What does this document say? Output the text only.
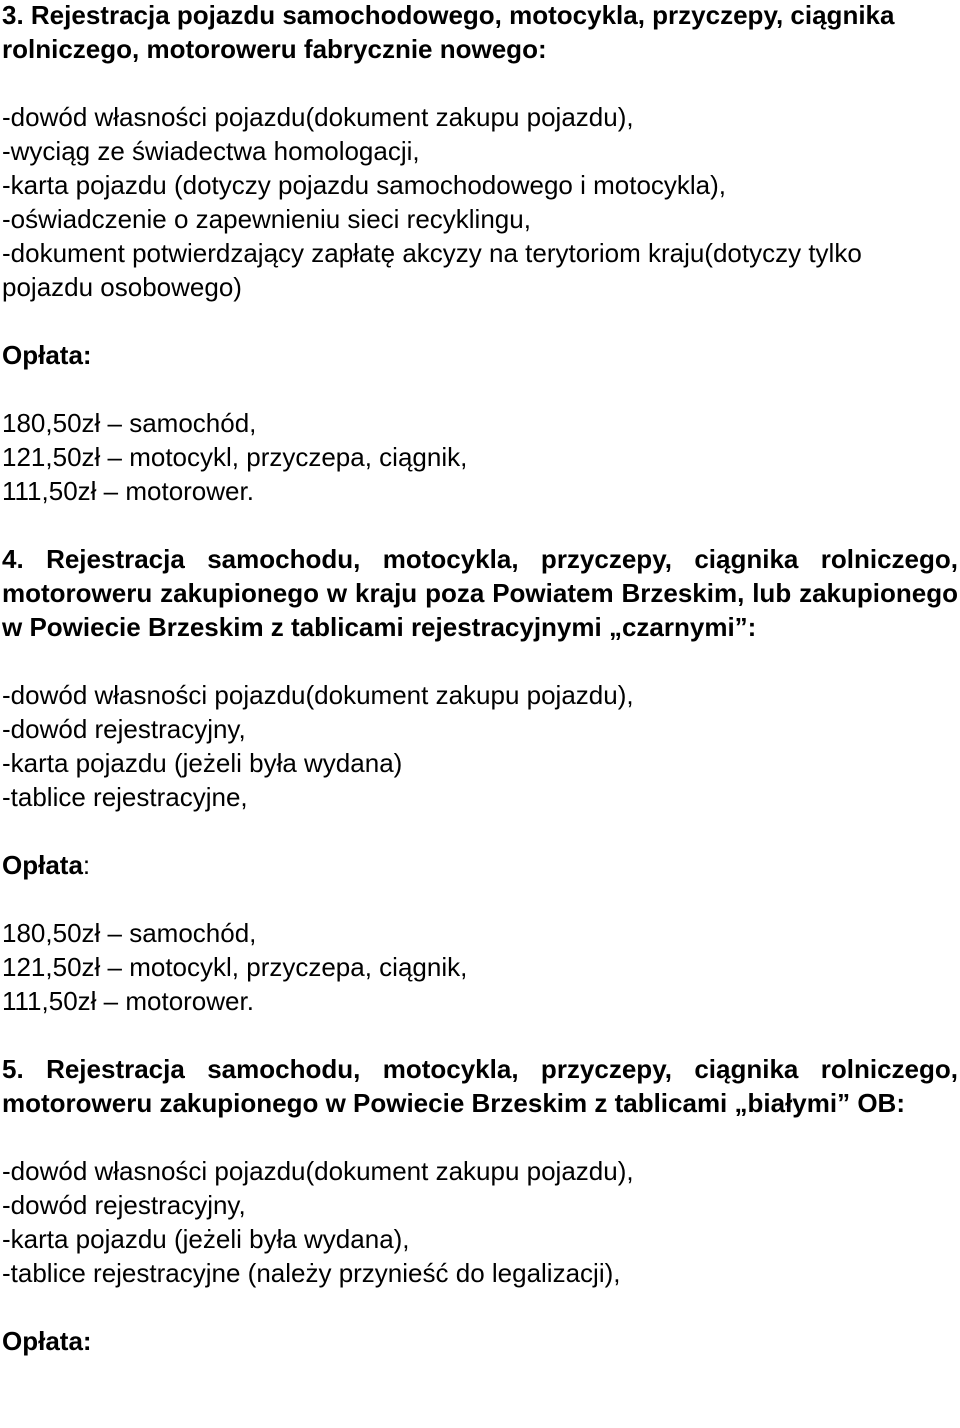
3. Rejestracja pojazdu samochodowego, motocykla, przyczepy, ciągnika rolniczego, motoroweru fabrycznie nowego:

-dowód własności pojazdu(dokument zakupu pojazdu),
-wyciąg ze świadectwa homologacji,
-karta pojazdu (dotyczy pojazdu samochodowego i motocykla),
-oświadczenie o zapewnieniu sieci recyklingu,
-dokument potwierdzający zapłatę akcyzy na terytoriom kraju(dotyczy tylko pojazdu osobowego)

Opłata:

180,50zł – samochód,

121,50zł – motocykl, przyczepa, ciągnik,

111,50zł – motorower.

4. Rejestracja samochodu, motocykla, przyczepy, ciągnika rolniczego, motoroweru zakupionego w kraju poza Powiatem Brzeskim, lub zakupionego w Powiecie Brzeskim z tablicami rejestracyjnymi „czarnymi”:

-dowód własności pojazdu(dokument zakupu pojazdu),
-dowód rejestracyjny,
-karta pojazdu (jeżeli była wydana)
-tablice rejestracyjne,

Opłata:

180,50zł – samochód,

121,50zł – motocykl, przyczepa, ciągnik,

111,50zł – motorower.

5. Rejestracja samochodu, motocykla, przyczepy, ciągnika rolniczego, motoroweru zakupionego w Powiecie Brzeskim z tablicami „białymi” OB:

-dowód własności pojazdu(dokument zakupu pojazdu),
-dowód rejestracyjny,
-karta pojazdu (jeżeli była wydana),
-tablice rejestracyjne (należy przynieść do legalizacji),

Opłata:
